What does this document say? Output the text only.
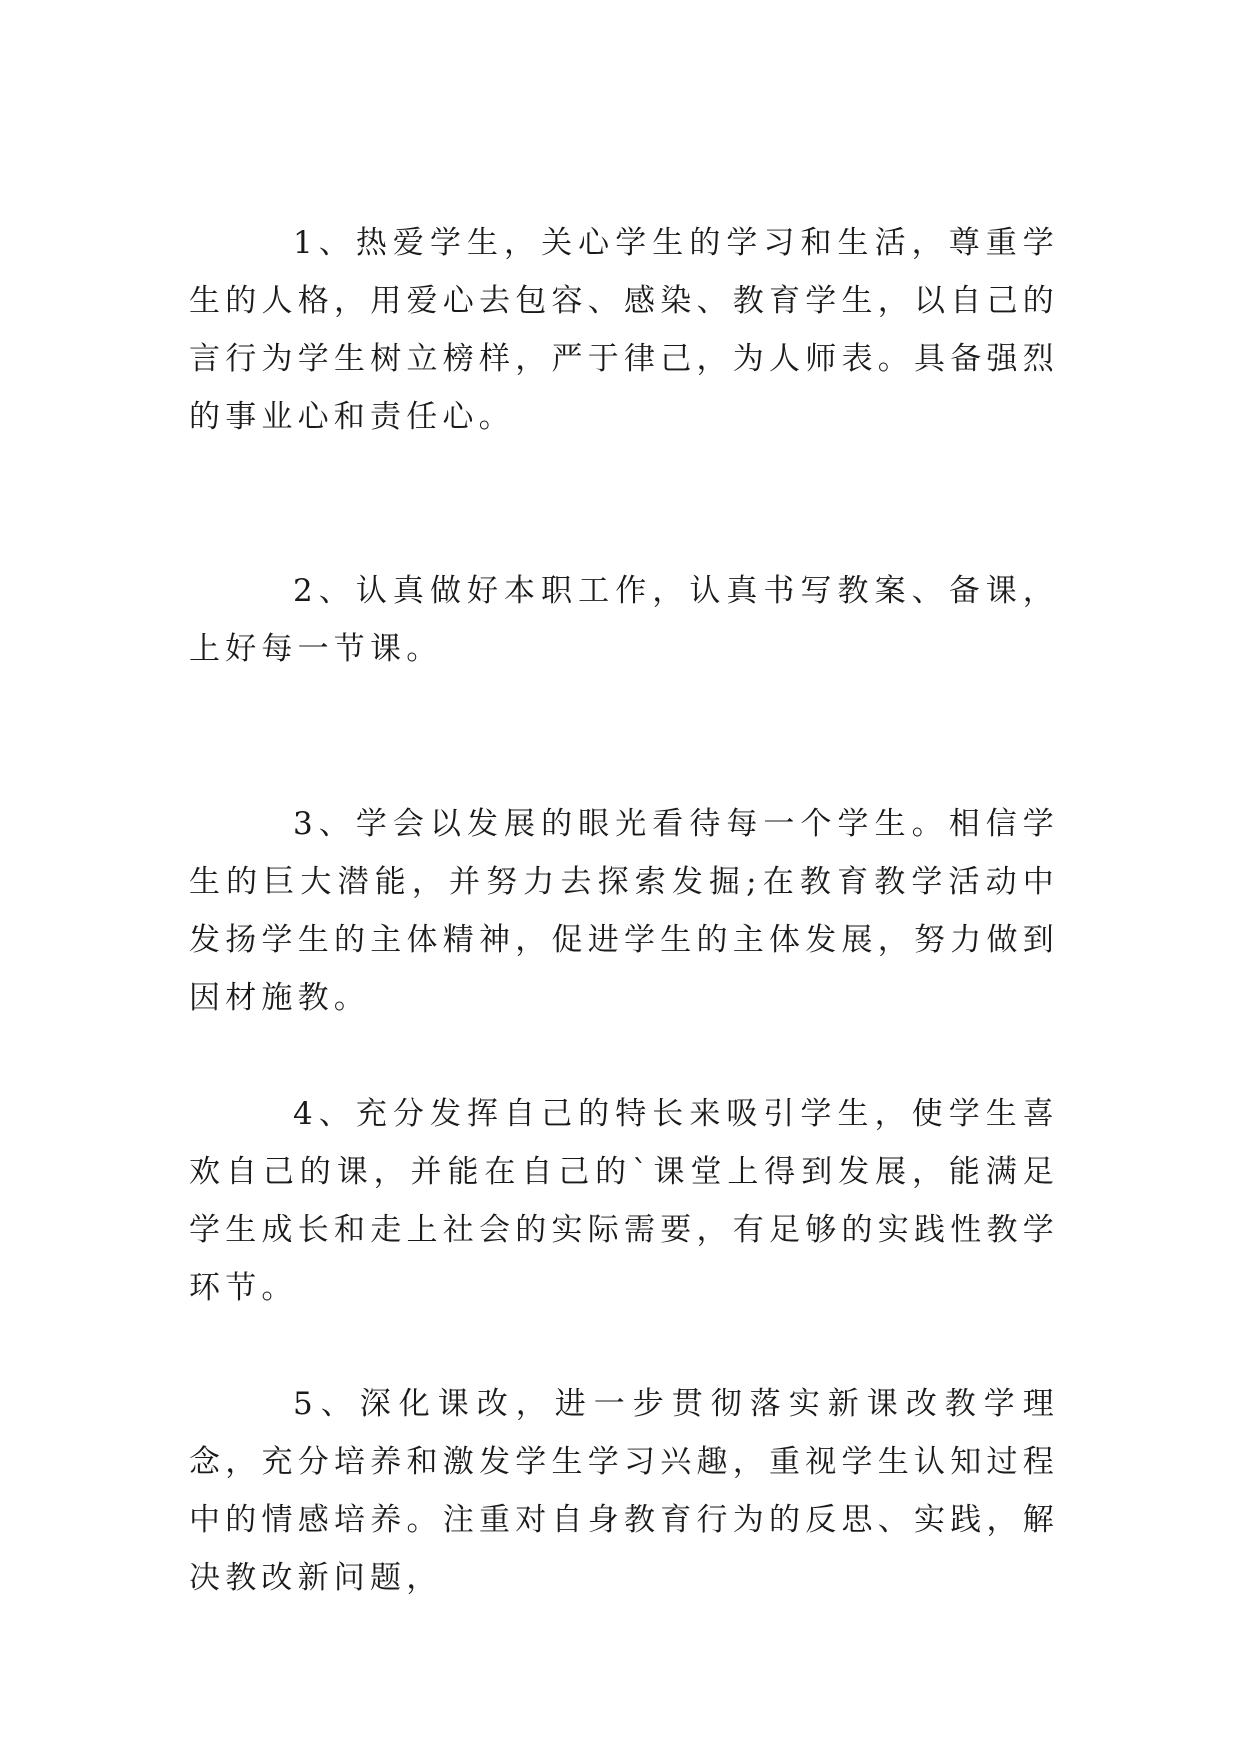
1、热爱学生，关心学生的学习和生活，尊重学生的人格，用爱心去包容、感染、教育学生，以自己的言行为学生树立榜样，严于律己，为人师表。具备强烈的事业心和责任心。

2、认真做好本职工作，认真书写教案、备课，上好每一节课。

3、学会以发展的眼光看待每一个学生。相信学生的巨大潜能，并努力去探索发掘;在教育教学活动中发扬学生的主体精神，促进学生的主体发展，努力做到因材施教。

4、充分发挥自己的特长来吸引学生，使学生喜欢自己的课，并能在自己的`课堂上得到发展，能满足学生成长和走上社会的实际需要，有足够的实践性教学环节。

5、深化课改，进一步贯彻落实新课改教学理念，充分培养和激发学生学习兴趣，重视学生认知过程中的情感培养。注重对自身教育行为的反思、实践，解决教改新问题，
